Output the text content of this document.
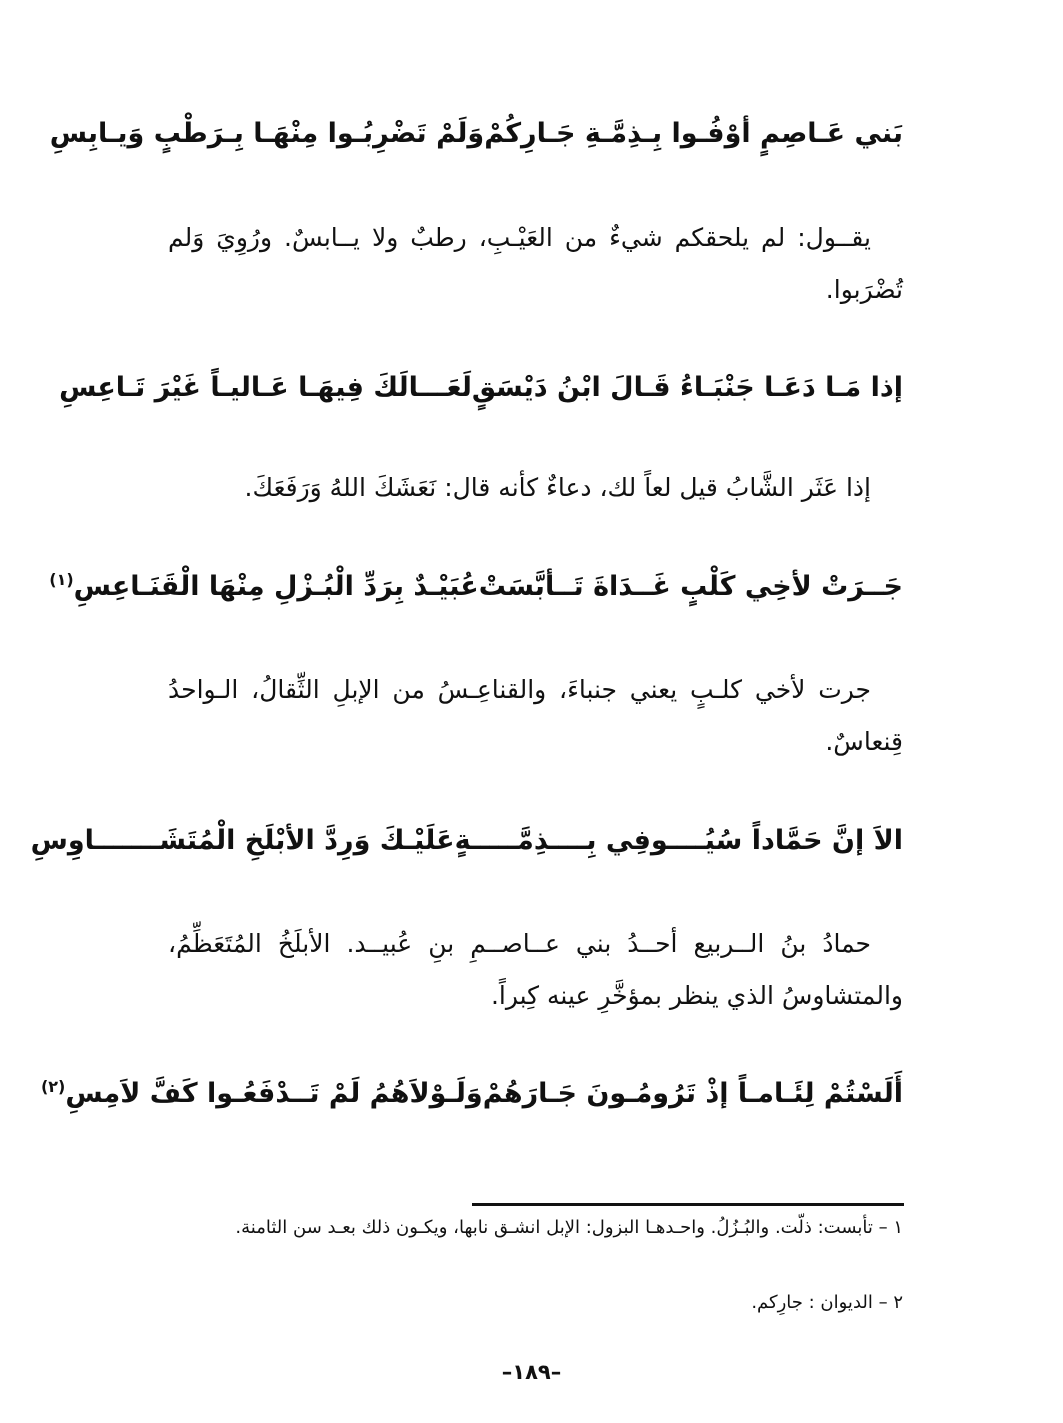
بَني عَـاصِمٍ أوْفُـوا بِـذِمَّـةِ جَـارِكُمْ
وَلَمْ تَضْرِبُـوا مِنْهَـا بِـرَطْبٍ وَيـابِسِ
يقــول: لم يلحقكم شيءٌ من العَيْـبِ، رطبٌ ولا يــابسٌ. ورُوِيَ وَلم تُضْرَبوا.
إذا مَـا دَعَـا جَنْبَـاءُ قَـالَ ابْنُ دَيْسَقٍ
لَعَـــالَكَ فِيهَـا عَـاليـاً غَيْرَ تَـاعِسِ
إذا عَثَر الشَّابُ قيل لعاً لك، دعاءٌ كأنه قال: نَعَشَكَ اللهُ وَرَفَعَكَ.
جَــرَتْ لأخِي كَلْبٍ غَــدَاةَ تَــأبَّسَتْ
عُبَيْـدٌ بِرَدِّ الْبُـزْلِ مِنْهَا الْقَنَـاعِسِ$^{(١)}$
جرت لأخي كلـبٍ يعني جنباءَ، والقناعِـسُ من الإبلِ الثِّقالُ، الـواحدُ قِنعاسٌ.
الاَ إنَّ حَمَّاداً سُيُــــوفِي بِــــذِمَّـــــةٍ
عَلَيْـكَ وَرِدَّ الأبْلَخِ الْمُتَشَـــــــاوِسِ
حمادُ بنُ الــربيع أحــدُ بني عــاصــمِ بنِ عُبيــد. الأبلَخُ المُتَعَظِّمُ، والمتشاوسُ الذي ينظر بمؤخَّرِ عينه كِبراً.
أَلَسْتُمْ لِئَـامـاً إذْ تَرُومُـونَ جَـارَهُمْ
وَلَـوْلاَهُمُ لَمْ تَــدْفَعُـوا كَفَّ لاَمِسِ$^{(٢)}$
١ – تأبست: ذلّت. والبُـزُلُ. واحـدهـا البزول: الإبل انشـق نابها، ويكـون ذلك بعـد سن الثامنة.
٢ – الديوان : جارِكم.
–١٨٩–
